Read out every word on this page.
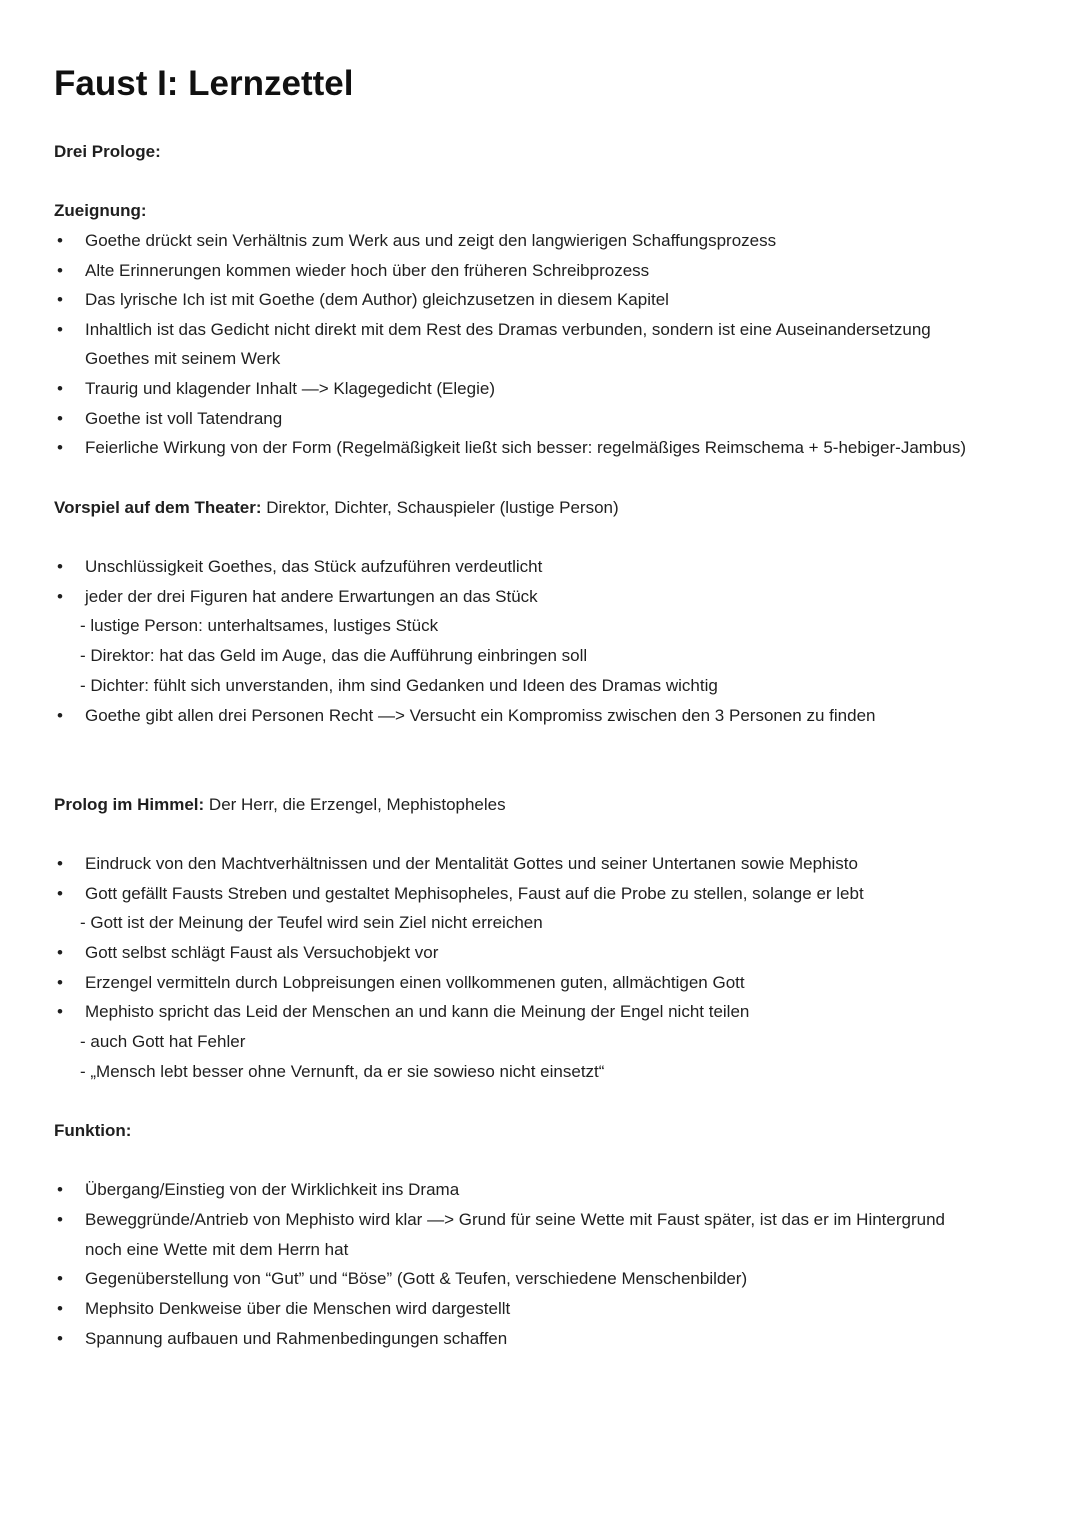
Faust I: Lernzettel
Drei Prologe:
Zueignung:
• Goethe drückt sein Verhältnis zum Werk aus und zeigt den langwierigen Schaffungsprozess
• Alte Erinnerungen kommen wieder hoch über den früheren Schreibprozess
• Das lyrische Ich ist mit Goethe (dem Author) gleichzusetzen in diesem Kapitel
• Inhaltlich ist das Gedicht nicht direkt mit dem Rest des Dramas verbunden, sondern ist eine Auseinandersetzung
Goethes mit seinem Werk
• Traurig und klagender Inhalt —> Klagegedicht (Elegie)
• Goethe ist voll Tatendrang
• Feierliche Wirkung von der Form (Regelmäßigkeit ließt sich besser: regelmäßiges Reimschema + 5-hebiger-Jambus)
Vorspiel auf dem Theater: Direktor, Dichter, Schauspieler (lustige Person)
• Unschlüssigkeit Goethes, das Stück aufzuführen verdeutlicht
• jeder der drei Figuren hat andere Erwartungen an das Stück
- lustige Person: unterhaltsames, lustiges Stück
- Direktor: hat das Geld im Auge, das die Aufführung einbringen soll
- Dichter: fühlt sich unverstanden, ihm sind Gedanken und Ideen des Dramas wichtig
• Goethe gibt allen drei Personen Recht —> Versucht ein Kompromiss zwischen den 3 Personen zu finden
Prolog im Himmel: Der Herr, die Erzengel, Mephistopheles
• Eindruck von den Machtverhältnissen und der Mentalität Gottes und seiner Untertanen sowie Mephisto
• Gott gefällt Fausts Streben und gestaltet Mephisopheles, Faust auf die Probe zu stellen, solange er lebt
- Gott ist der Meinung der Teufel wird sein Ziel nicht erreichen
• Gott selbst schlägt Faust als Versuchobjekt vor
• Erzengel vermitteln durch Lobpreisungen einen vollkommenen guten, allmächtigen Gott
• Mephisto spricht das Leid der Menschen an und kann die Meinung der Engel nicht teilen
- auch Gott hat Fehler
- „Mensch lebt besser ohne Vernunft, da er sie sowieso nicht einsetzt“
Funktion:
• Übergang/Einstieg von der Wirklichkeit ins Drama
• Beweggründe/Antrieb von Mephisto wird klar —> Grund für seine Wette mit Faust später, ist das er im Hintergrund
noch eine Wette mit dem Herrn hat
• Gegenüberstellung von “Gut” und “Böse” (Gott & Teufen, verschiedene Menschenbilder)
• Mephsito Denkweise über die Menschen wird dargestellt
• Spannung aufbauen und Rahmenbedingungen schaffen
